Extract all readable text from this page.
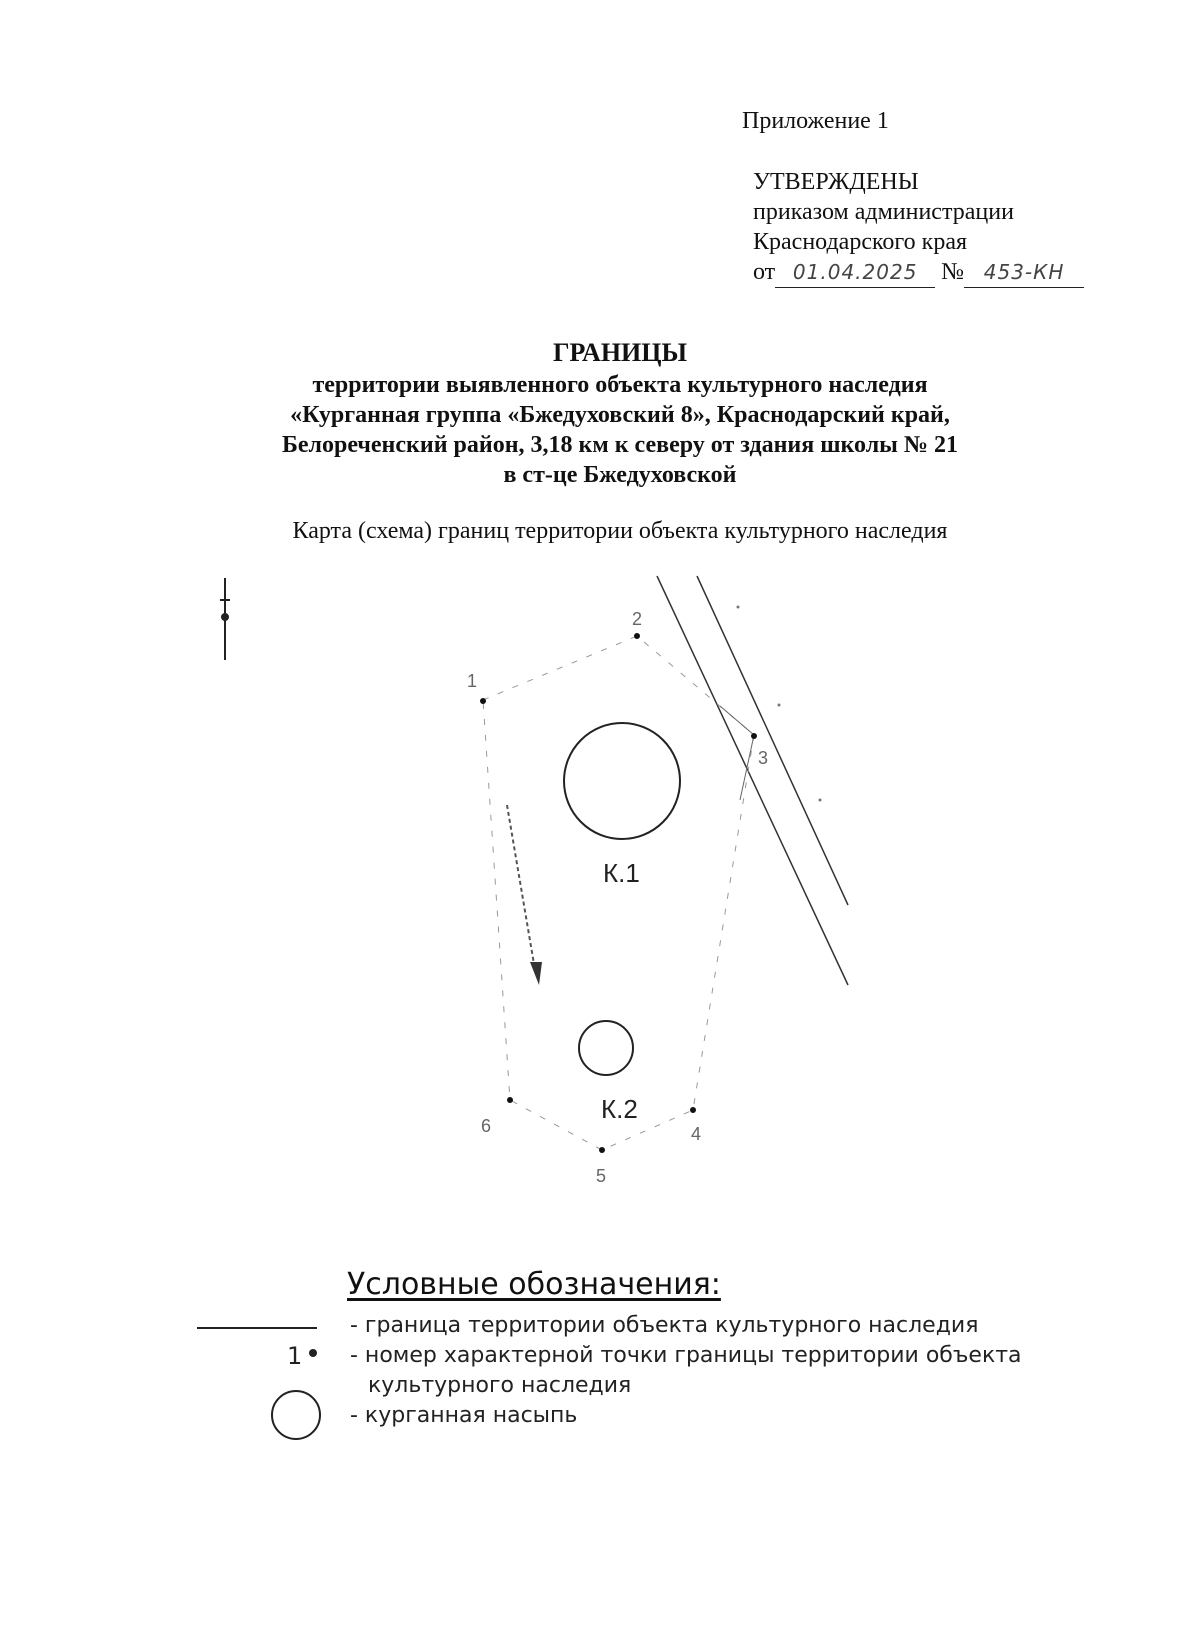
Приложение 1
УТВЕРЖДЕНЫ
приказом администрации
Краснодарского края
от 01.04.2025 № 453-КН
ГРАНИЦЫ
территории выявленного объекта культурного наследия
«Курганная группа «Бжедуховский 8», Краснодарский край,
Белореченский район, 3,18 км к северу от здания школы № 21
в ст-це Бжедуховской
Карта (схема) границ территории объекта культурного наследия
К.1
К.2
1
2
3
4
5
6
Условные обозначения:
1
- граница территории объекта культурного наследия
- номер характерной точки границы территории объекта
культурного наследия
- курганная насыпь
